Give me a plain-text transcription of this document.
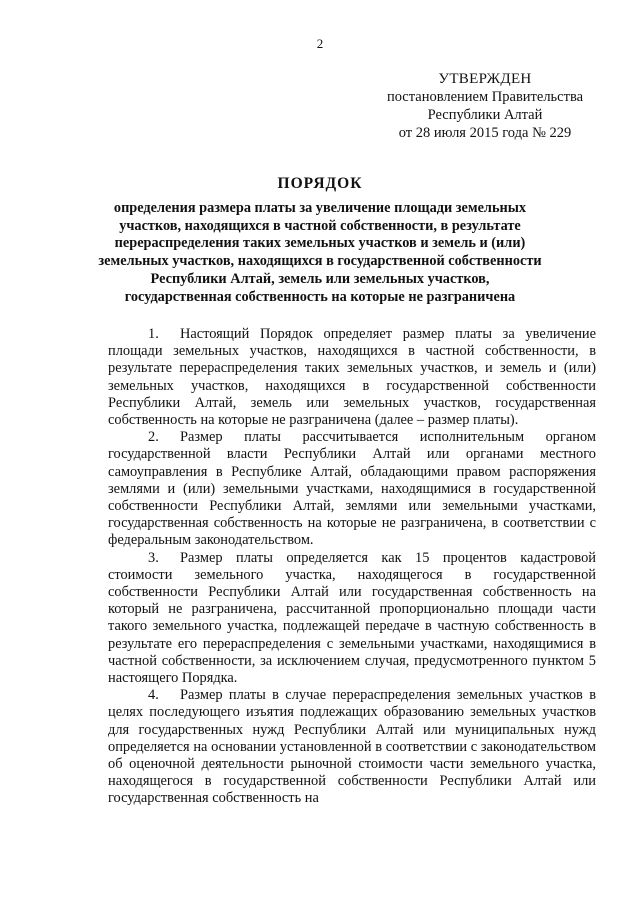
2
УТВЕРЖДЕН
постановлением Правительства
Республики Алтай
от 28 июля 2015 года № 229
ПОРЯДОК
определения размера платы за увеличение площади земельных участков, находящихся в частной собственности, в результате перераспределения таких земельных участков и земель и (или) земельных участков, находящихся в государственной собственности Республики Алтай, земель или земельных участков, государственная собственность на которые не разграничена

1. Настоящий Порядок определяет размер платы за увеличение площади земельных участков, находящихся в частной собственности, в результате перераспределения таких земельных участков, и земель и (или) земельных участков, находящихся в государственной собственности Республики Алтай, земель или земельных участков, государственная собственность на которые не разграничена (далее – размер платы).

2. Размер платы рассчитывается исполнительным органом государственной власти Республики Алтай или органами местного самоуправления в Республике Алтай, обладающими правом распоряжения землями и (или) земельными участками, находящимися в государственной собственности Республики Алтай, землями или земельными участками, государственная собственность на которые не разграничена, в соответствии с федеральным законодательством.

3. Размер платы определяется как 15 процентов кадастровой стоимости земельного участка, находящегося в государственной собственности Республики Алтай или государственная собственность на который не разграничена, рассчитанной пропорционально площади части такого земельного участка, подлежащей передаче в частную собственность в результате его перераспределения с земельными участками, находящимися в частной собственности, за исключением случая, предусмотренного пунктом 5 настоящего Порядка.

4. Размер платы в случае перераспределения земельных участков в целях последующего изъятия подлежащих образованию земельных участков для государственных нужд Республики Алтай или муниципальных нужд определяется на основании установленной в соответствии с законодательством об оценочной деятельности рыночной стоимости части земельного участка, находящегося в государственной собственности Республики Алтай или государственная собственность на
